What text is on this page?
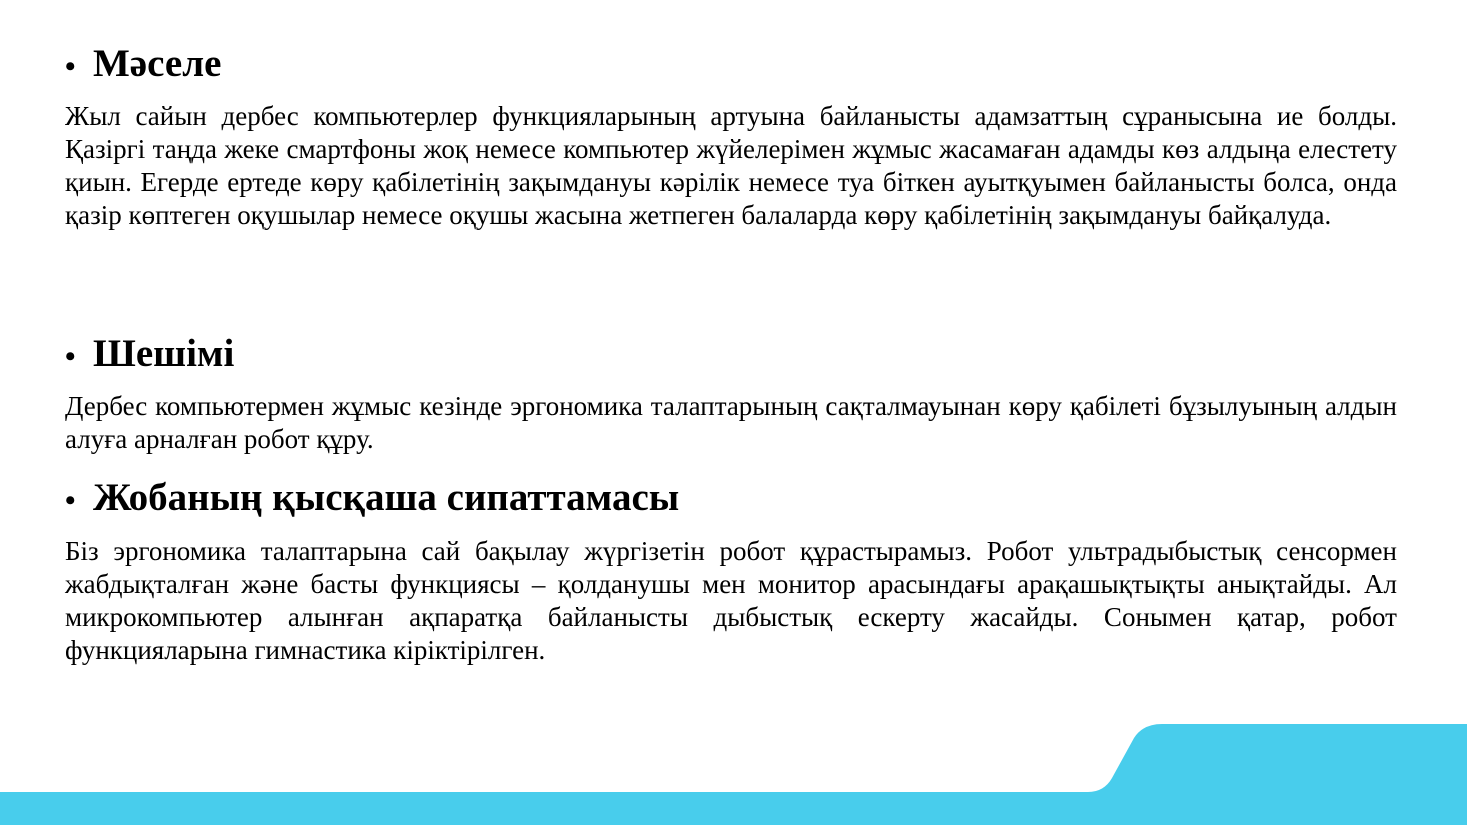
• Мәселе

Жыл сайын дербес компьютерлер функцияларының артуына байланысты адамзаттың сұранысына ие болды. Қазіргі таңда жеке смартфоны жоқ немесе компьютер жүйелерімен жұмыс жасамаған адамды көз алдыңа елестету қиын. Егерде ертеде көру қабілетінің зақымдануы кәрілік немесе туа біткен ауытқуымен байланысты болса, онда қазір көптеген оқушылар немесе оқушы жасына жетпеген балаларда көру қабілетінің зақымдануы байқалуда.

• Шешімі

Дербес компьютермен жұмыс кезінде эргономика талаптарының сақталмауынан көру қабілеті бұзылуының алдын алуға арналған робот құру.

• Жобаның қысқаша сипаттамасы

Біз эргономика талаптарына сай бақылау жүргізетін робот құрастырамыз. Робот ультрадыбыстық сенсормен жабдықталған және басты функциясы – қолданушы мен монитор арасындағы арақашықтықты анықтайды. Ал микрокомпьютер алынған ақпаратқа байланысты дыбыстық ескерту жасайды. Сонымен қатар, робот функцияларына гимнастика кіріктірілген.
